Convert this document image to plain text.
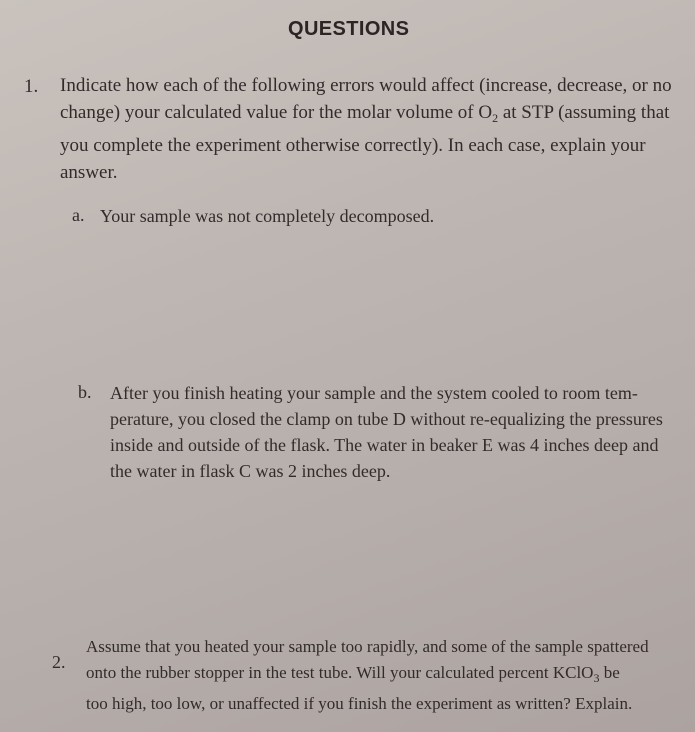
QUESTIONS
1. Indicate how each of the following errors would affect (increase, decrease, or no
change) your calculated value for the molar volume of $O_2$ at STP (assuming that
you complete the experiment otherwise correctly). In each case, explain your
answer.
a. Your sample was not completely decomposed.
b. After you finish heating your sample and the system cooled to room tem-
perature, you closed the clamp on tube D without re-equalizing the pressures
inside and outside of the flask. The water in beaker E was 4 inches deep and
the water in flask C was 2 inches deep.
2.
Assume that you heated your sample too rapidly, and some of the sample spattered
onto the rubber stopper in the test tube. Will your calculated percent KClO$_3$ be
too high, too low, or unaffected if you finish the experiment as written? Explain.
